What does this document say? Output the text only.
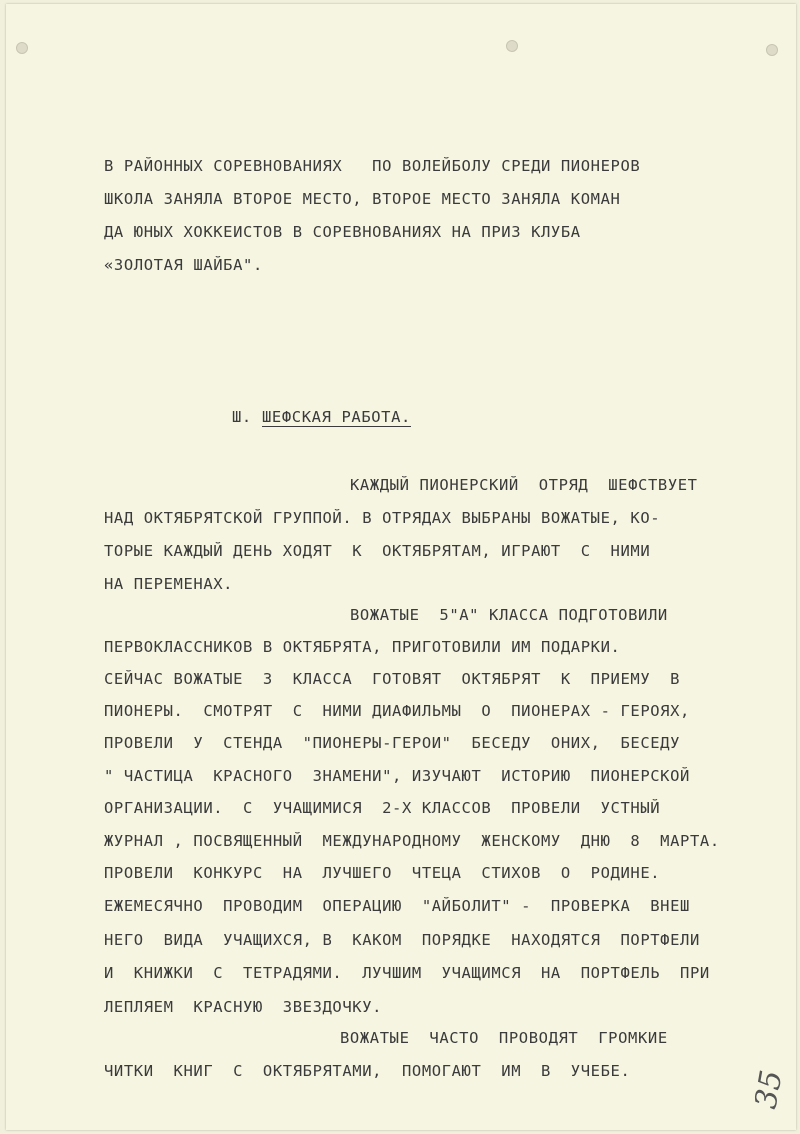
В РАЙОННЫХ СОРЕВНОВАНИЯХ   ПО ВОЛЕЙБОЛУ СРЕДИ ПИОНЕРОВ
ШКОЛА ЗАНЯЛА ВТОРОЕ МЕСТО, ВТОРОЕ МЕСТО ЗАНЯЛА КОМАН
ДА ЮНЫХ ХОККЕИСТОВ В СОРЕВНОВАНИЯХ НА ПРИЗ КЛУБА
«ЗОЛОТАЯ ШАЙБА".
Ш. ШЕФСКАЯ РАБОТА.
КАЖДЫЙ ПИОНЕРСКИЙ  ОТРЯД  ШЕФСТВУЕТ
НАД ОКТЯБРЯТСКОЙ ГРУППОЙ. В ОТРЯДАХ ВЫБРАНЫ ВОЖАТЫЕ, КО-
ТОРЫЕ КАЖДЫЙ ДЕНЬ ХОДЯТ  К  ОКТЯБРЯТАМ, ИГРАЮТ  С  НИМИ
НА ПЕРЕМЕНАХ.
ВОЖАТЫЕ  5"А" КЛАССА ПОДГОТОВИЛИ
ПЕРВОКЛАССНИКОВ В ОКТЯБРЯТА, ПРИГОТОВИЛИ ИМ ПОДАРКИ.
СЕЙЧАС ВОЖАТЫЕ  3  КЛАССА  ГОТОВЯТ  ОКТЯБРЯТ  К  ПРИЕМУ  В
ПИОНЕРЫ.  СМОТРЯТ  С  НИМИ ДИАФИЛЬМЫ  О  ПИОНЕРАХ - ГЕРОЯХ,
ПРОВЕЛИ  У  СТЕНДА  "ПИОНЕРЫ-ГЕРОИ"  БЕСЕДУ  ОНИХ,  БЕСЕДУ
" ЧАСТИЦА  КРАСНОГО  ЗНАМЕНИ", ИЗУЧАЮТ  ИСТОРИЮ  ПИОНЕРСКОЙ
ОРГАНИЗАЦИИ.  С  УЧАЩИМИСЯ  2-Х КЛАССОВ  ПРОВЕЛИ  УСТНЫЙ
ЖУРНАЛ , ПОСВЯЩЕННЫЙ  МЕЖДУНАРОДНОМУ  ЖЕНСКОМУ  ДНЮ  8  МАРТА.
ПРОВЕЛИ  КОНКУРС  НА  ЛУЧШЕГО  ЧТЕЦА  СТИХОВ  О  РОДИНЕ.
ЕЖЕМЕСЯЧНО  ПРОВОДИМ  ОПЕРАЦИЮ  "АЙБОЛИТ" -  ПРОВЕРКА  ВНЕШ
НЕГО  ВИДА  УЧАЩИХСЯ, В  КАКОМ  ПОРЯДКЕ  НАХОДЯТСЯ  ПОРТФЕЛИ
И  КНИЖКИ  С  ТЕТРАДЯМИ.  ЛУЧШИМ  УЧАЩИМСЯ  НА  ПОРТФЕЛЬ  ПРИ
ЛЕПЛЯЕМ  КРАСНУЮ  ЗВЕЗДОЧКУ.
ВОЖАТЫЕ  ЧАСТО  ПРОВОДЯТ  ГРОМКИЕ
ЧИТКИ  КНИГ  С  ОКТЯБРЯТАМИ,  ПОМОГАЮТ  ИМ  В  УЧЕБЕ.	35
